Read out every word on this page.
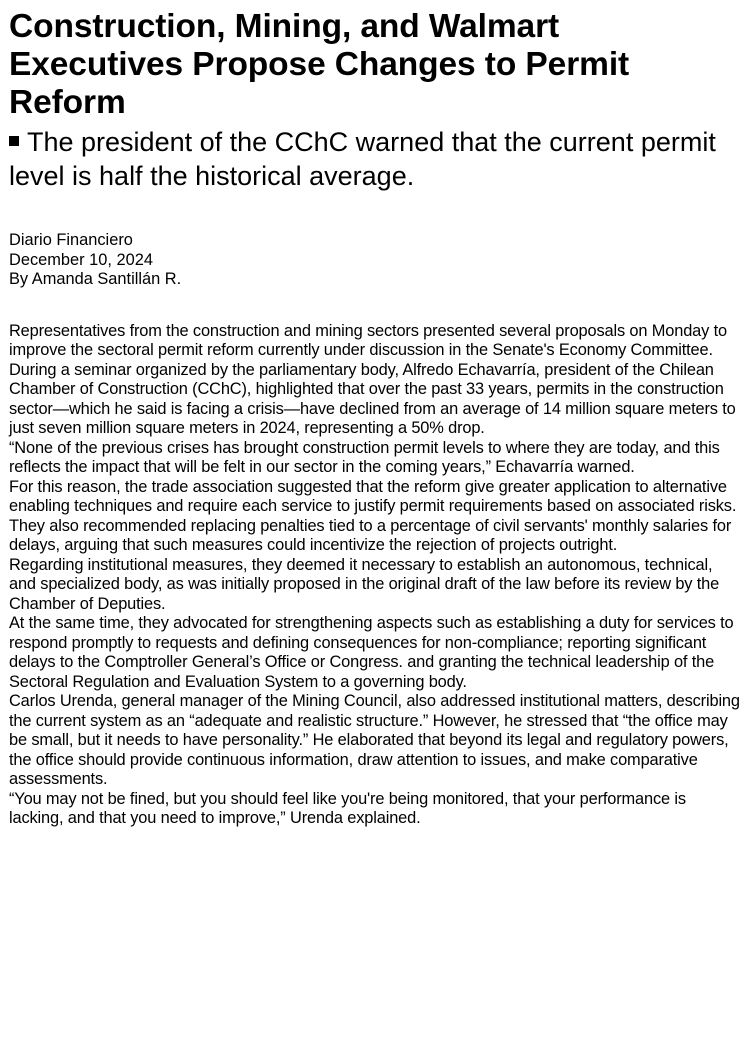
Construction, Mining, and Walmart Executives Propose Changes to Permit Reform
The president of the CChC warned that the current permit level is half the historical average.
Diario Financiero
December 10, 2024
By Amanda Santillán R.

Representatives from the construction and mining sectors presented several proposals on Monday to improve the sectoral permit reform currently under discussion in the Senate's Economy Committee.

During a seminar organized by the parliamentary body, Alfredo Echavarría, president of the Chilean Chamber of Construction (CChC), highlighted that over the past 33 years, permits in the construction sector—which he said is facing a crisis—have declined from an average of 14 million square meters to just seven million square meters in 2024, representing a 50% drop.

“None of the previous crises has brought construction permit levels to where they are today, and this reflects the impact that will be felt in our sector in the coming years,” Echavarría warned.

For this reason, the trade association suggested that the reform give greater application to alternative enabling techniques and require each service to justify permit requirements based on associated risks.

They also recommended replacing penalties tied to a percentage of civil servants' monthly salaries for delays, arguing that such measures could incentivize the rejection of projects outright.

Regarding institutional measures, they deemed it necessary to establish an autonomous, technical, and specialized body, as was initially proposed in the original draft of the law before its review by the Chamber of Deputies.

At the same time, they advocated for strengthening aspects such as establishing a duty for services to respond promptly to requests and defining consequences for non-compliance; reporting significant delays to the Comptroller General’s Office or Congress. and granting the technical leadership of the Sectoral Regulation and Evaluation System to a governing body.

Carlos Urenda, general manager of the Mining Council, also addressed institutional matters, describing the current system as an “adequate and realistic structure.” However, he stressed that “the office may be small, but it needs to have personality.” He elaborated that beyond its legal and regulatory powers, the office should provide continuous information, draw attention to issues, and make comparative assessments.

“You may not be fined, but you should feel like you're being monitored, that your performance is lacking, and that you need to improve,” Urenda explained.
